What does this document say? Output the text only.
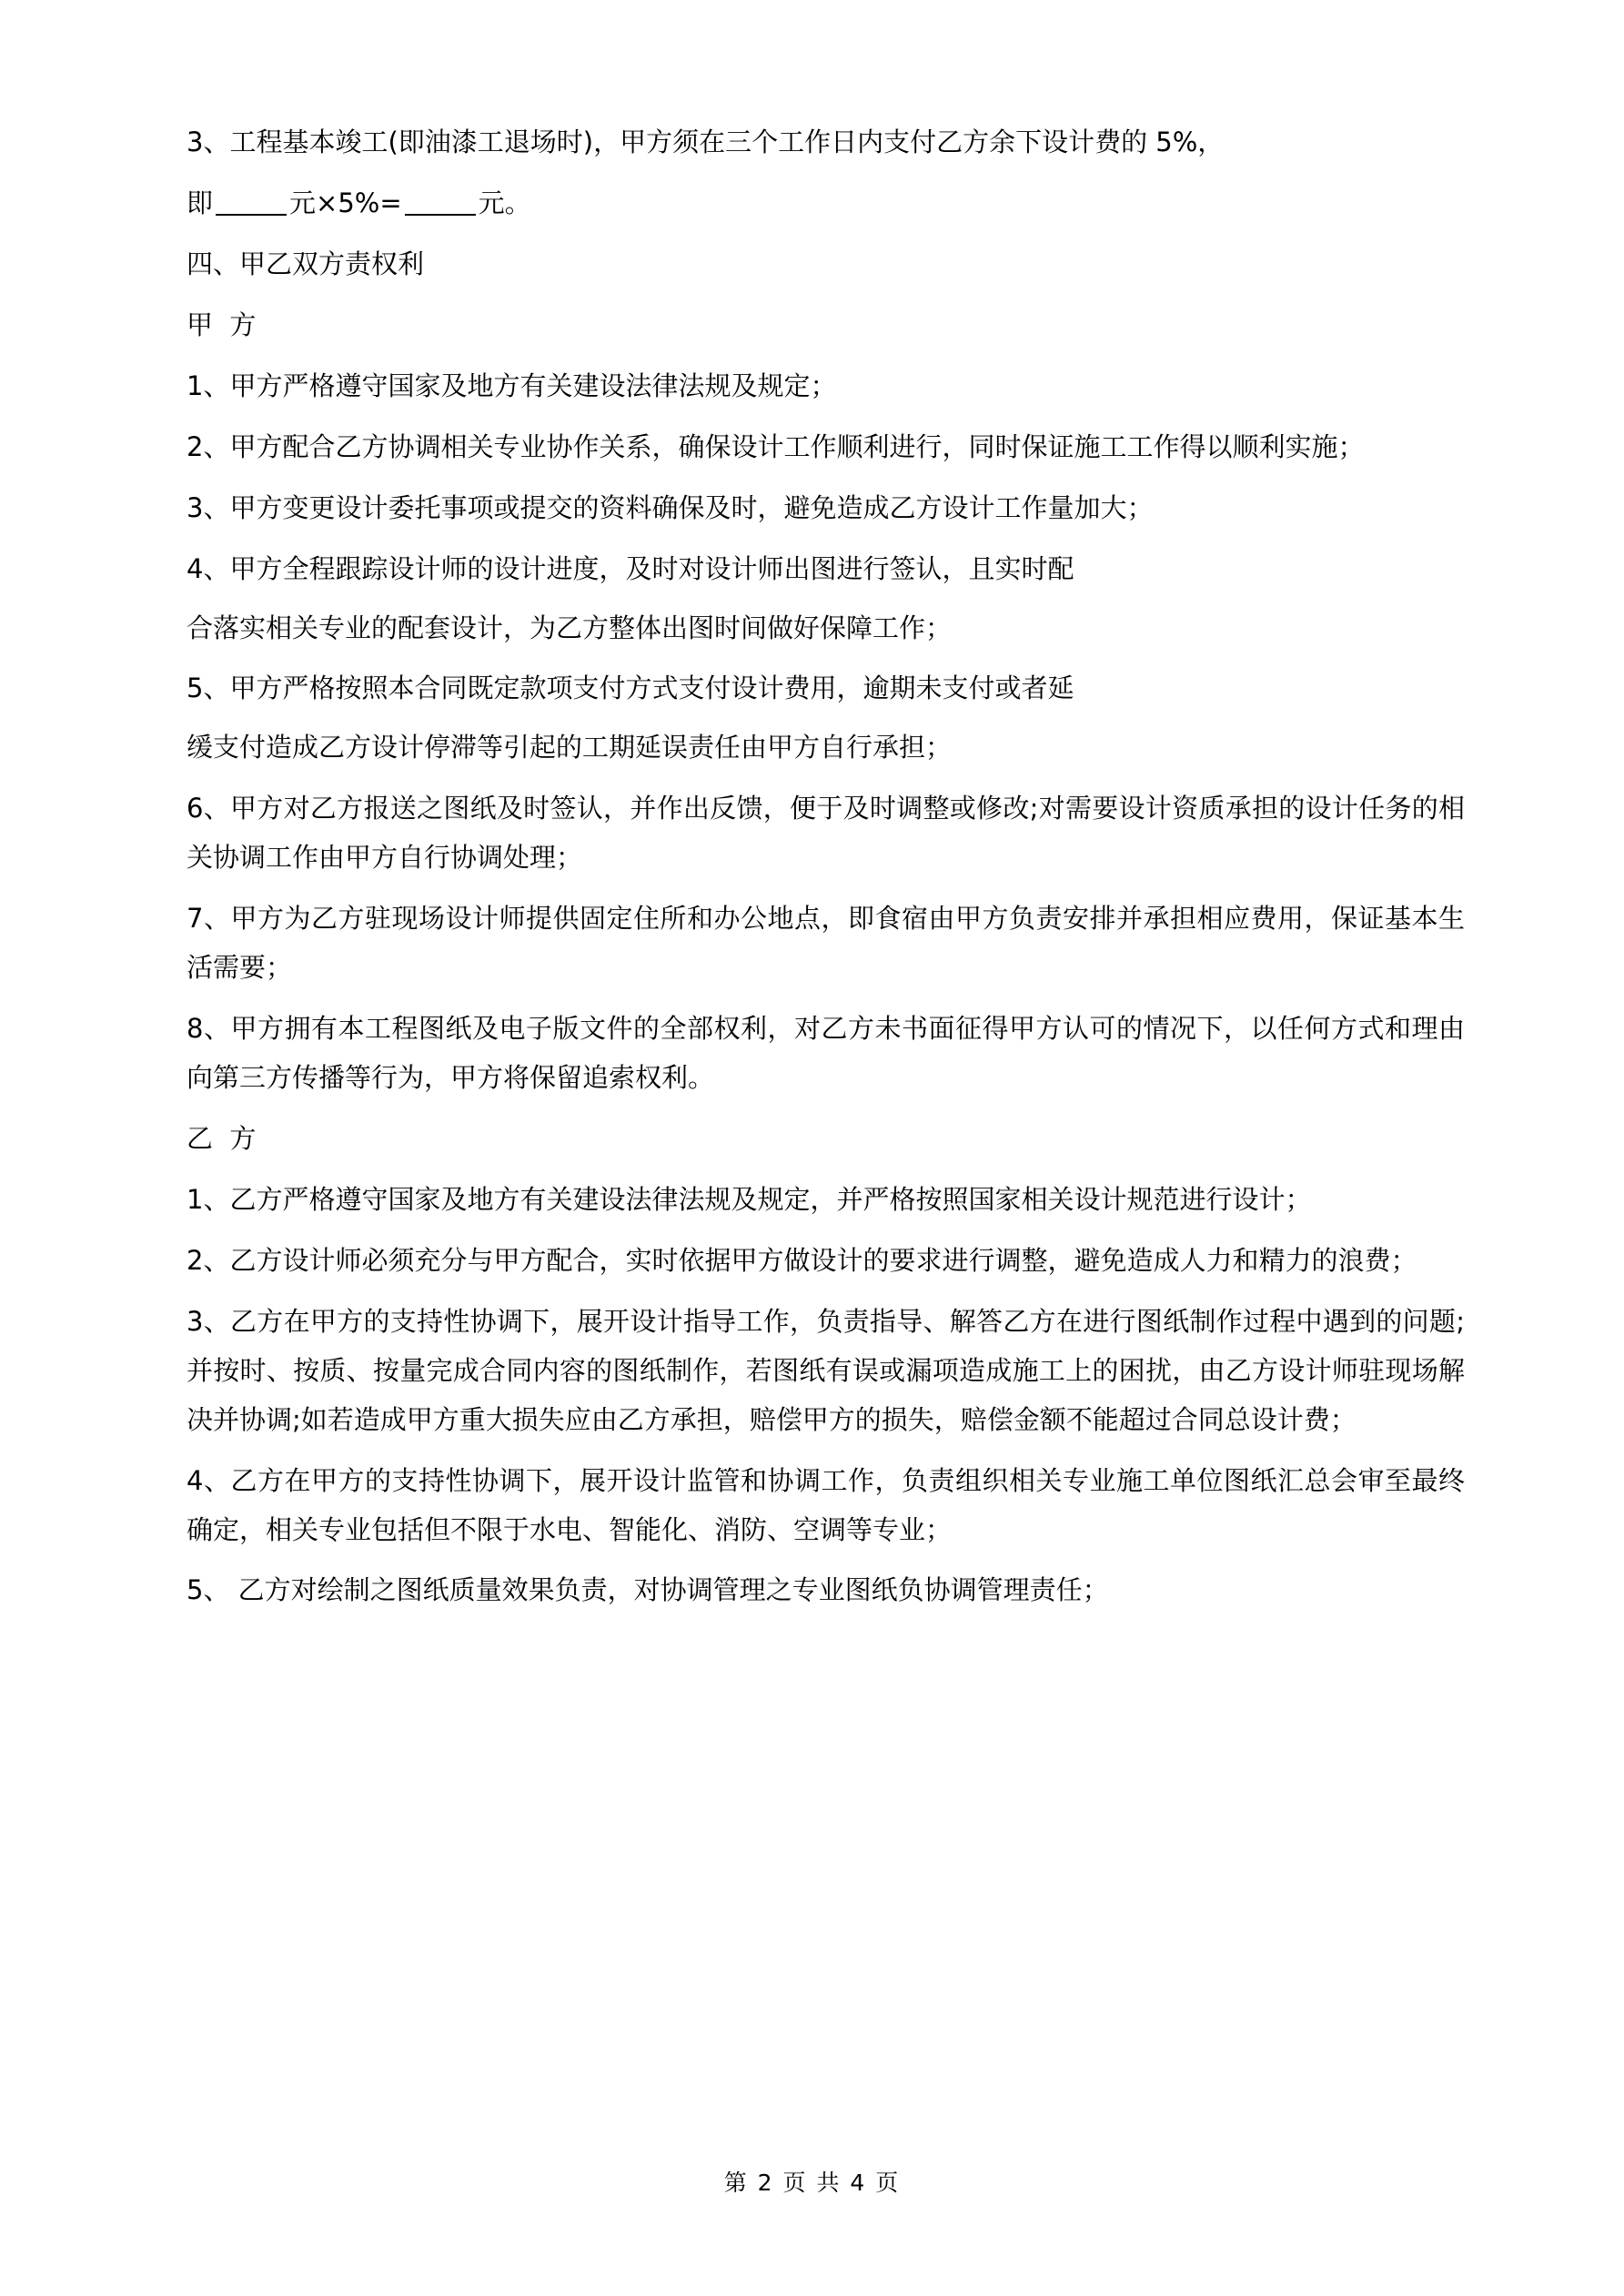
3、工程基本竣工(即油漆工退场时)，甲方须在三个工作日内支付乙方余下设计费的 5%，

即	元×5%=	元。

四、甲乙双方责权利

甲  方

1、甲方严格遵守国家及地方有关建设法律法规及规定；

2、甲方配合乙方协调相关专业协作关系，确保设计工作顺利进行，同时保证施工工作得以顺利实施；

3、甲方变更设计委托事项或提交的资料确保及时，避免造成乙方设计工作量加大；

4、甲方全程跟踪设计师的设计进度，及时对设计师出图进行签认，且实时配

合落实相关专业的配套设计，为乙方整体出图时间做好保障工作；

5、甲方严格按照本合同既定款项支付方式支付设计费用，逾期未支付或者延

缓支付造成乙方设计停滞等引起的工期延误责任由甲方自行承担；

6、甲方对乙方报送之图纸及时签认，并作出反馈，便于及时调整或修改;对需要设计资质承担的设计任务的相关协调工作由甲方自行协调处理；

7、甲方为乙方驻现场设计师提供固定住所和办公地点，即食宿由甲方负责安排并承担相应费用，保证基本生活需要；

8、甲方拥有本工程图纸及电子版文件的全部权利，对乙方未书面征得甲方认可的情况下，以任何方式和理由向第三方传播等行为，甲方将保留追索权利。

乙  方

1、乙方严格遵守国家及地方有关建设法律法规及规定，并严格按照国家相关设计规范进行设计；

2、乙方设计师必须充分与甲方配合，实时依据甲方做设计的要求进行调整，避免造成人力和精力的浪费；

3、乙方在甲方的支持性协调下，展开设计指导工作，负责指导、解答乙方在进行图纸制作过程中遇到的问题;并按时、按质、按量完成合同内容的图纸制作，若图纸有误或漏项造成施工上的困扰，由乙方设计师驻现场解决并协调;如若造成甲方重大损失应由乙方承担，赔偿甲方的损失，赔偿金额不能超过合同总设计费；

4、乙方在甲方的支持性协调下，展开设计监管和协调工作，负责组织相关专业施工单位图纸汇总会审至最终确定，相关专业包括但不限于水电、智能化、消防、空调等专业；

5、 乙方对绘制之图纸质量效果负责，对协调管理之专业图纸负协调管理责任；

第 2 页 共 4 页
